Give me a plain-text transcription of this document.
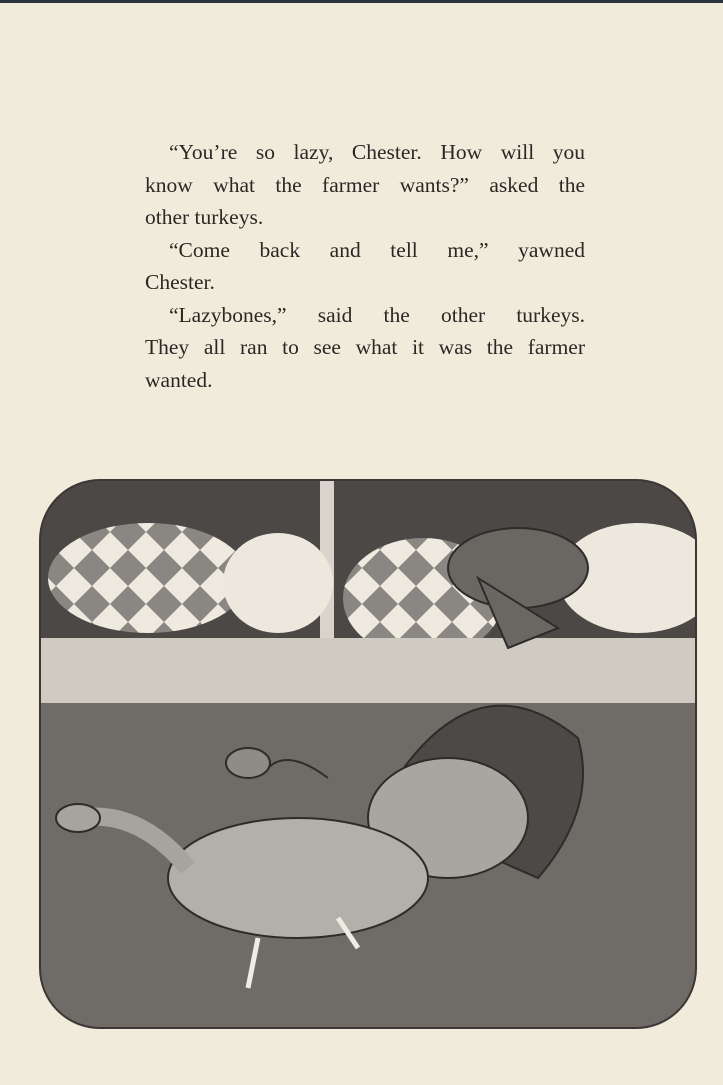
“You’re so lazy, Chester. How will you
know what the farmer wants?” asked the
other turkeys.
“Come back and tell me,” yawned
Chester.
“Lazybones,” said the other turkeys.
They all ran to see what it was the farmer
wanted.
